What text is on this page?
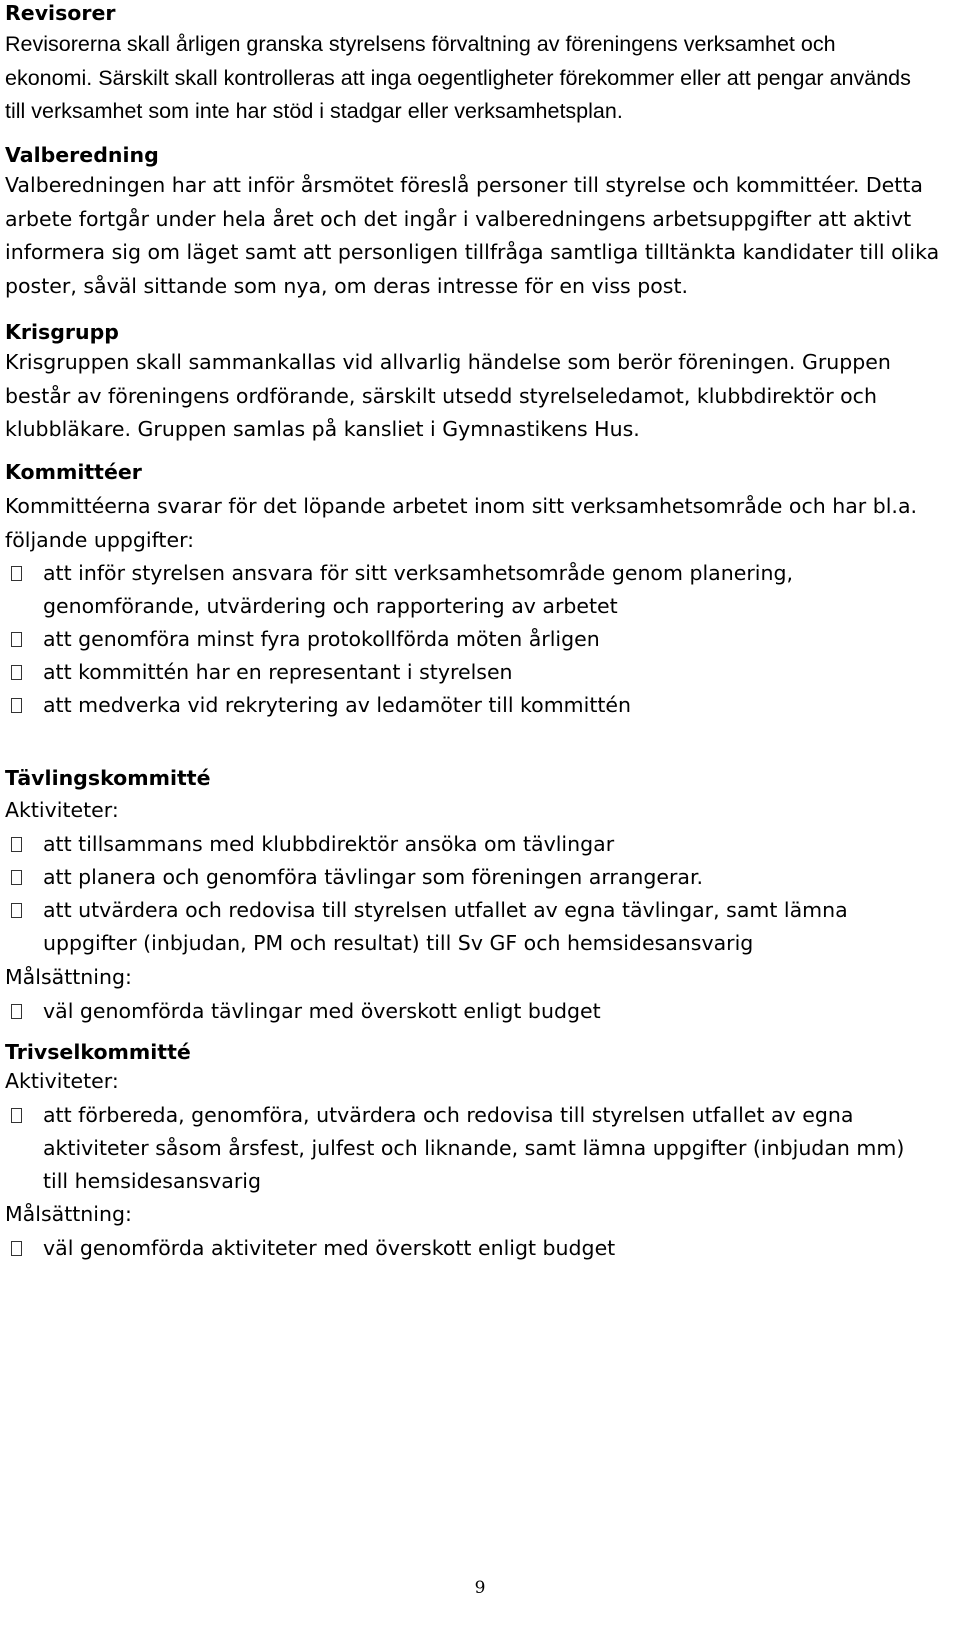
Revisorer

Revisorerna skall årligen granska styrelsens förvaltning av föreningens verksamhet och ekonomi. Särskilt skall kontrolleras att inga oegentligheter förekommer eller att pengar används till verksamhet som inte har stöd i stadgar eller verksamhetsplan.

Valberedning

Valberedningen har att inför årsmötet föreslå personer till styrelse och kommittéer. Detta arbete fortgår under hela året och det ingår i valberedningens arbetsuppgifter att aktivt informera sig om läget samt att personligen tillfråga samtliga tilltänkta kandidater till olika poster, såväl sittande som nya, om deras intresse för en viss post.

Krisgrupp

Krisgruppen skall sammankallas vid allvarlig händelse som berör föreningen. Gruppen består av föreningens ordförande, särskilt utsedd styrelseledamot, klubbdirektör och klubbläkare. Gruppen samlas på kansliet i Gymnastikens Hus.

Kommittéer

Kommittéerna svarar för det löpande arbetet inom sitt verksamhetsområde och har bl.a. följande uppgifter:

att inför styrelsen ansvara för sitt verksamhetsområde genom planering, genomförande, utvärdering och rapportering av arbetet
att genomföra minst fyra protokollförda möten årligen
att kommittén har en representant i styrelsen
att medverka vid rekrytering av ledamöter till kommittén
Tävlingskommitté

Aktiviteter:

att tillsammans med klubbdirektör ansöka om tävlingar
att planera och genomföra tävlingar som föreningen arrangerar.
att utvärdera och redovisa till styrelsen utfallet av egna tävlingar, samt lämna uppgifter (inbjudan, PM och resultat) till Sv GF och hemsidesansvarig

Målsättning:

väl genomförda tävlingar med överskott enligt budget
Trivselkommitté

Aktiviteter:

att förbereda, genomföra, utvärdera och redovisa till styrelsen utfallet av egna aktiviteter såsom årsfest, julfest och liknande, samt lämna uppgifter (inbjudan mm) till hemsidesansvarig

Målsättning:

väl genomförda aktiviteter med överskott enligt budget
9
